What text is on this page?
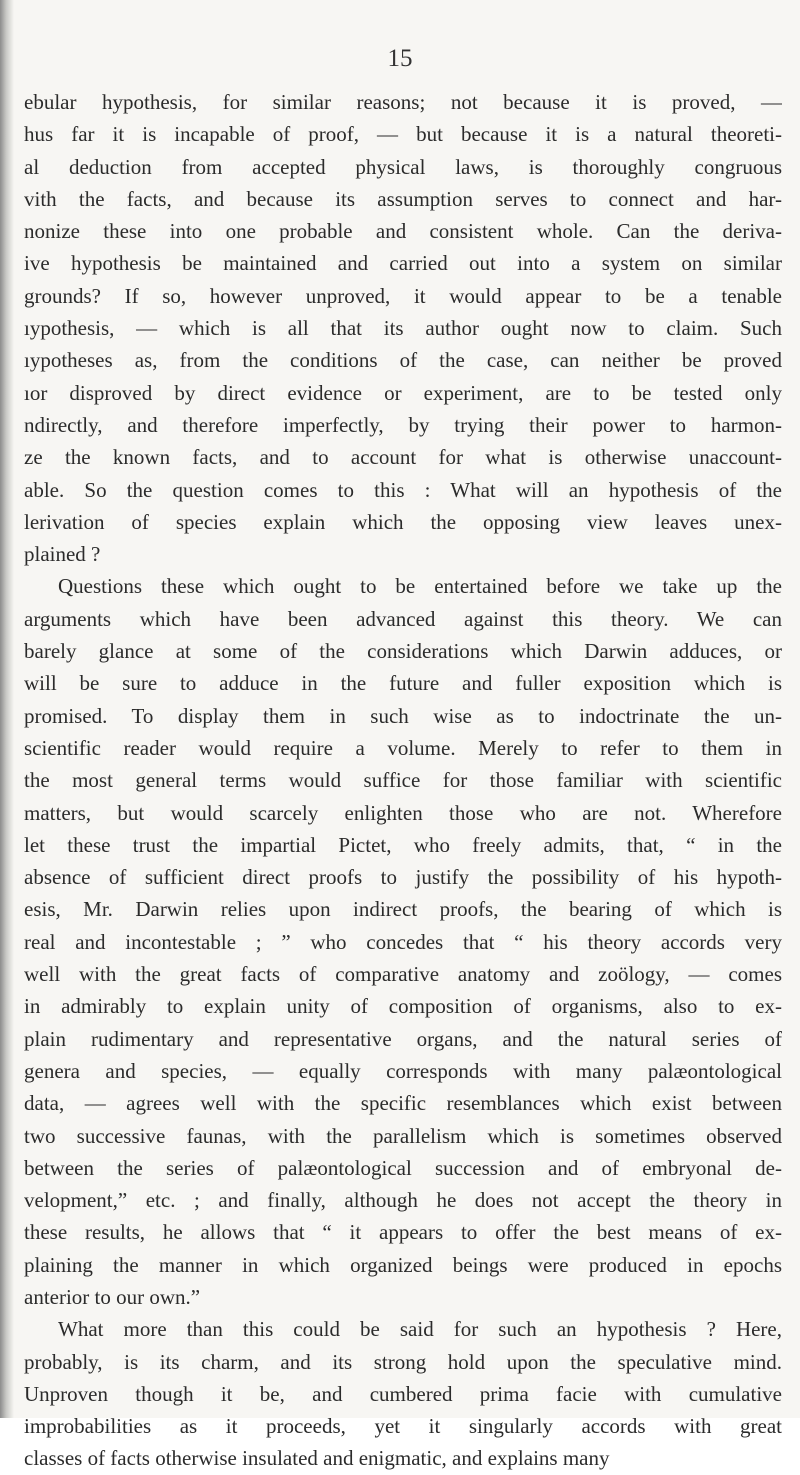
15
ebular hypothesis, for similar reasons; not because it is proved, —
hus far it is incapable of proof, — but because it is a natural theoreti-
al deduction from accepted physical laws, is thoroughly congruous
vith the facts, and because its assumption serves to connect and har-
nonize these into one probable and consistent whole. Can the deriva-
ive hypothesis be maintained and carried out into a system on similar
grounds? If so, however unproved, it would appear to be a tenable
ıypothesis, — which is all that its author ought now to claim. Such
ıypotheses as, from the conditions of the case, can neither be proved
ıor disproved by direct evidence or experiment, are to be tested only
ndirectly, and therefore imperfectly, by trying their power to harmon-
ze the known facts, and to account for what is otherwise unaccount-
able. So the question comes to this : What will an hypothesis of the
lerivation of species explain which the opposing view leaves unex-
plained ?
Questions these which ought to be entertained before we take up the
arguments which have been advanced against this theory. We can
barely glance at some of the considerations which Darwin adduces, or
will be sure to adduce in the future and fuller exposition which is
promised. To display them in such wise as to indoctrinate the un-
scientific reader would require a volume. Merely to refer to them in
the most general terms would suffice for those familiar with scientific
matters, but would scarcely enlighten those who are not. Wherefore
let these trust the impartial Pictet, who freely admits, that, “ in the
absence of sufficient direct proofs to justify the possibility of his hypoth-
esis, Mr. Darwin relies upon indirect proofs, the bearing of which is
real and incontestable ; ” who concedes that “ his theory accords very
well with the great facts of comparative anatomy and zoölogy, — comes
in admirably to explain unity of composition of organisms, also to ex-
plain rudimentary and representative organs, and the natural series of
genera and species, — equally corresponds with many palæontological
data, — agrees well with the specific resemblances which exist between
two successive faunas, with the parallelism which is sometimes observed
between the series of palæontological succession and of embryonal de-
velopment,” etc. ; and finally, although he does not accept the theory in
these results, he allows that “ it appears to offer the best means of ex-
plaining the manner in which organized beings were produced in epochs
anterior to our own.”
What more than this could be said for such an hypothesis ? Here,
probably, is its charm, and its strong hold upon the speculative mind.
Unproven though it be, and cumbered prima facie with cumulative
improbabilities as it proceeds, yet it singularly accords with great
classes of facts otherwise insulated and enigmatic, and explains many
